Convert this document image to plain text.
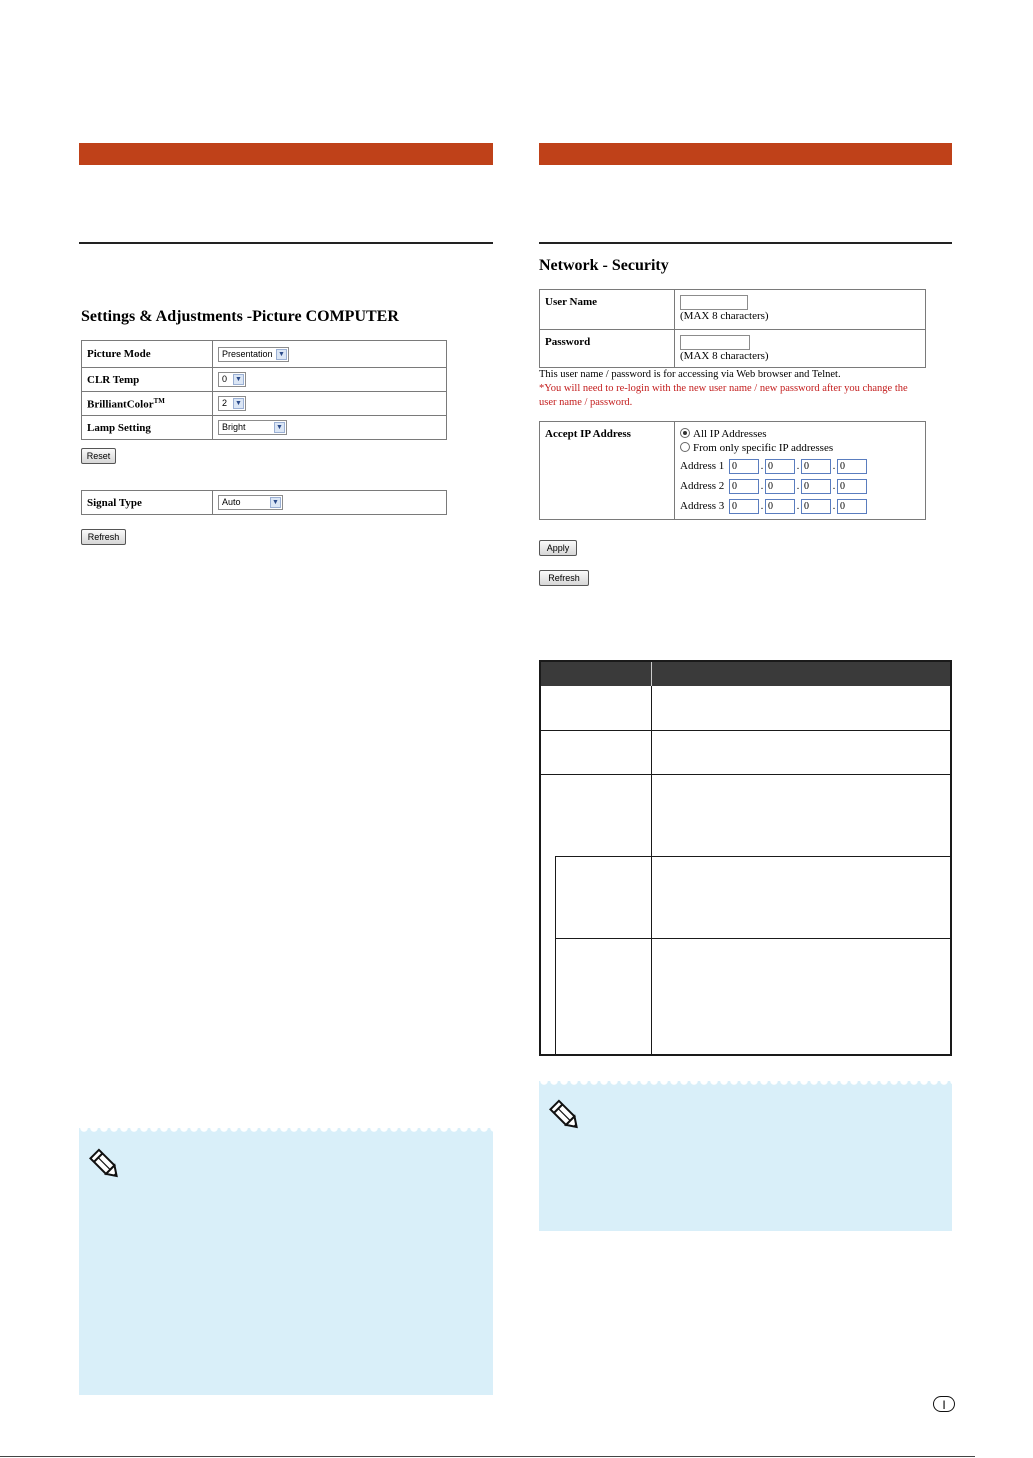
Settings & Adjustments -Picture COMPUTER
Picture Mode	Presentation ▼

CLR Temp	0 ▼

BrilliantColor™	2 ▼

Lamp Setting	Bright ▼
Reset
Signal Type	Auto	▼
Refresh
Network - Security
User Name	(MAX 8 characters)
Password	(MAX 8 characters)
This user name / password is for accessing via Web browser and Telnet.
*You will need to re-login with the new user name / new password after you change the user name / password.
Accept IP Address	All IP Addresses
From only specific IP addresses
Address 1 0	. 0	. 0	. 0
Address 2 0	. 0	. 0	. 0
Address 3 0	. 0	. 0	. 0
Apply
Refresh
I
